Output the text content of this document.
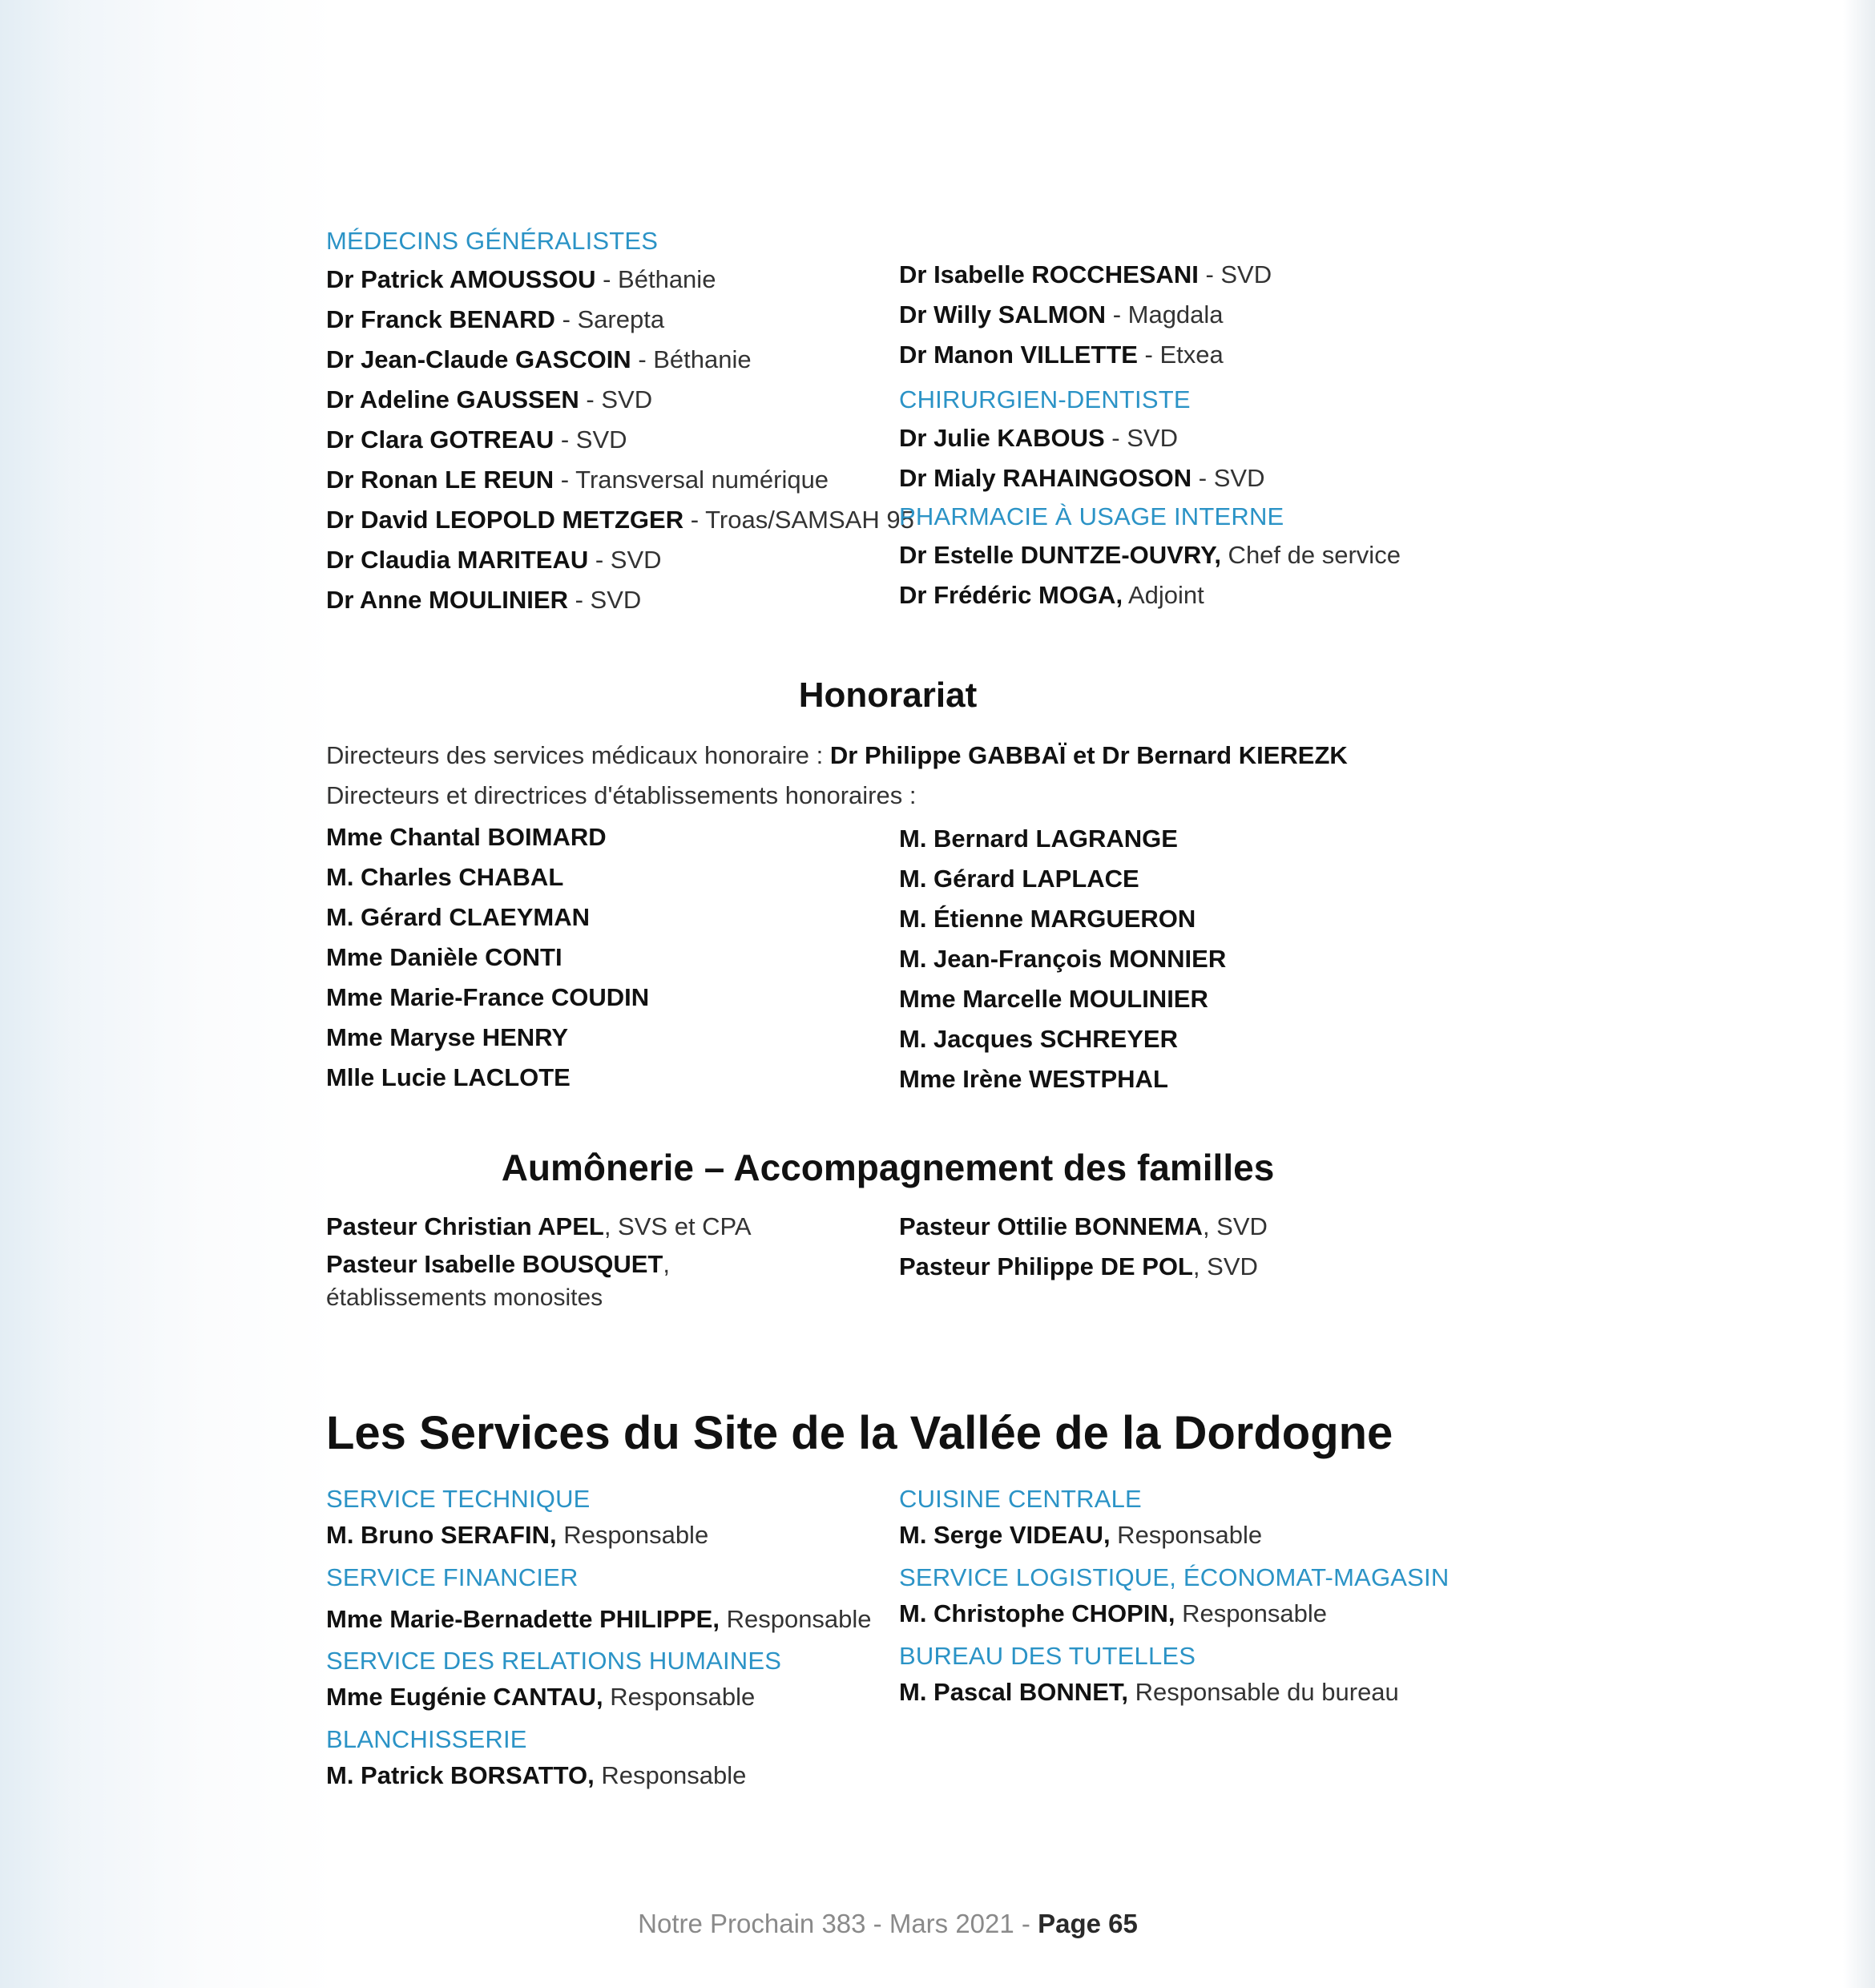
MÉDECINS GÉNÉRALISTES
Dr Patrick AMOUSSOU - Béthanie
Dr Franck BENARD - Sarepta
Dr Jean-Claude GASCOIN - Béthanie
Dr Adeline GAUSSEN - SVD
Dr Clara GOTREAU - SVD
Dr Ronan LE REUN - Transversal numérique
Dr David LEOPOLD METZGER - Troas/SAMSAH 95
Dr Claudia MARITEAU - SVD
Dr Anne MOULINIER - SVD
Dr Isabelle ROCCHESANI - SVD
Dr Willy SALMON - Magdala
Dr Manon VILLETTE - Etxea
CHIRURGIEN-DENTISTE
Dr Julie KABOUS - SVD
Dr Mialy RAHAINGOSON - SVD
PHARMACIE À USAGE INTERNE
Dr Estelle DUNTZE-OUVRY, Chef de service
Dr Frédéric MOGA, Adjoint
Honorariat
Directeurs des services médicaux honoraire : Dr Philippe GABBAÏ et Dr Bernard KIEREZK
Directeurs et directrices d'établissements honoraires :
Mme Chantal BOIMARD
M. Charles CHABAL
M. Gérard CLAEYMAN
Mme Danièle CONTI
Mme Marie-France COUDIN
Mme Maryse HENRY
Mlle Lucie LACLOTE
M. Bernard LAGRANGE
M. Gérard LAPLACE
M. Étienne MARGUERON
M. Jean-François MONNIER
Mme Marcelle MOULINIER
M. Jacques SCHREYER
Mme Irène WESTPHAL
Aumônerie – Accompagnement des familles
Pasteur Christian APEL, SVS et CPA
Pasteur Isabelle BOUSQUET,
établissements monosites
Pasteur Ottilie BONNEMA, SVD
Pasteur Philippe DE POL, SVD
Les Services du Site de la Vallée de la Dordogne
SERVICE TECHNIQUE
M. Bruno SERAFIN, Responsable
SERVICE FINANCIER
Mme Marie-Bernadette PHILIPPE, Responsable
SERVICE DES RELATIONS HUMAINES
Mme Eugénie CANTAU, Responsable
BLANCHISSERIE
M. Patrick BORSATTO, Responsable
CUISINE CENTRALE
M. Serge VIDEAU, Responsable
SERVICE LOGISTIQUE, ÉCONOMAT-MAGASIN
M. Christophe CHOPIN, Responsable
BUREAU DES TUTELLES
M. Pascal BONNET, Responsable du bureau
Notre Prochain 383 - Mars 2021 - Page 65
